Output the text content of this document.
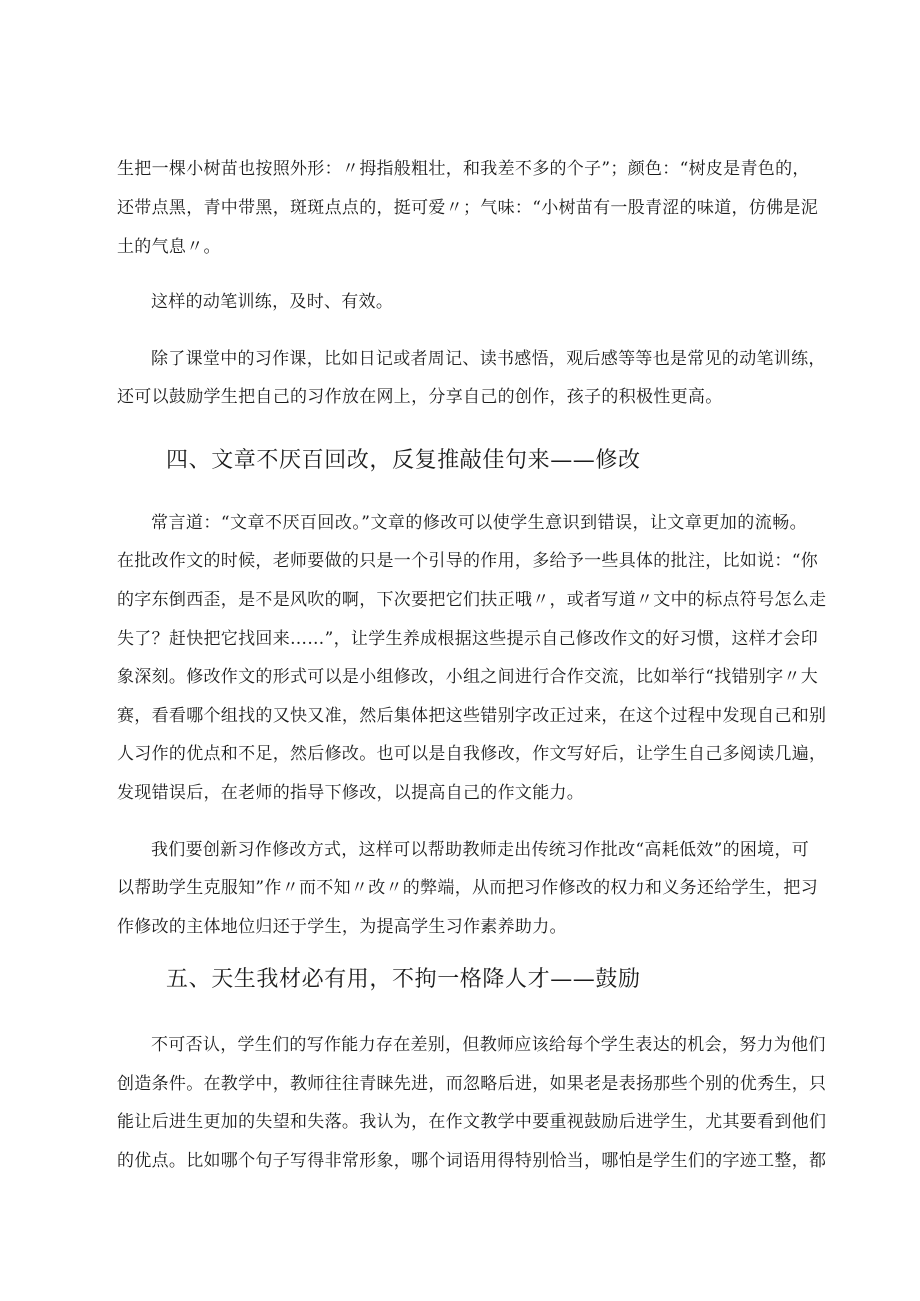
生把一棵小树苗也按照外形：〃拇指般粗壮，和我差不多的个子”；颜色：“树皮是青色的，
还带点黑，青中带黑，斑斑点点的，挺可爱〃；气味：“小树苗有一股青涩的味道，仿佛是泥
土的气息〃。
这样的动笔训练，及时、有效。
除了课堂中的习作课，比如日记或者周记、读书感悟，观后感等等也是常见的动笔训练，
还可以鼓励学生把自己的习作放在网上，分享自己的创作，孩子的积极性更高。
四、文章不厌百回改，反复推敲佳句来——修改
常言道：“文章不厌百回改。”文章的修改可以使学生意识到错误，让文章更加的流畅。
在批改作文的时候，老师要做的只是一个引导的作用，多给予一些具体的批注，比如说：“你
的字东倒西歪，是不是风吹的啊，下次要把它们扶正哦〃，或者写道〃文中的标点符号怎么走
失了？赶快把它找回来……”，让学生养成根据这些提示自己修改作文的好习惯，这样才会印
象深刻。修改作文的形式可以是小组修改，小组之间进行合作交流，比如举行“找错别字〃大
赛，看看哪个组找的又快又准，然后集体把这些错别字改正过来，在这个过程中发现自己和别
人习作的优点和不足，然后修改。也可以是自我修改，作文写好后，让学生自己多阅读几遍，
发现错误后，在老师的指导下修改，以提高自己的作文能力。
我们要创新习作修改方式，这样可以帮助教师走出传统习作批改“高耗低效”的困境，可
以帮助学生克服知”作〃而不知〃改〃的弊端，从而把习作修改的权力和义务还给学生，把习
作修改的主体地位归还于学生，为提高学生习作素养助力。
五、天生我材必有用，不拘一格降人才——鼓励
不可否认，学生们的写作能力存在差别，但教师应该给每个学生表达的机会，努力为他们
创造条件。在教学中，教师往往青睐先进，而忽略后进，如果老是表扬那些个别的优秀生，只
能让后进生更加的失望和失落。我认为，在作文教学中要重视鼓励后进学生，尤其要看到他们
的优点。比如哪个句子写得非常形象，哪个词语用得特别恰当，哪怕是学生们的字迹工整，都
